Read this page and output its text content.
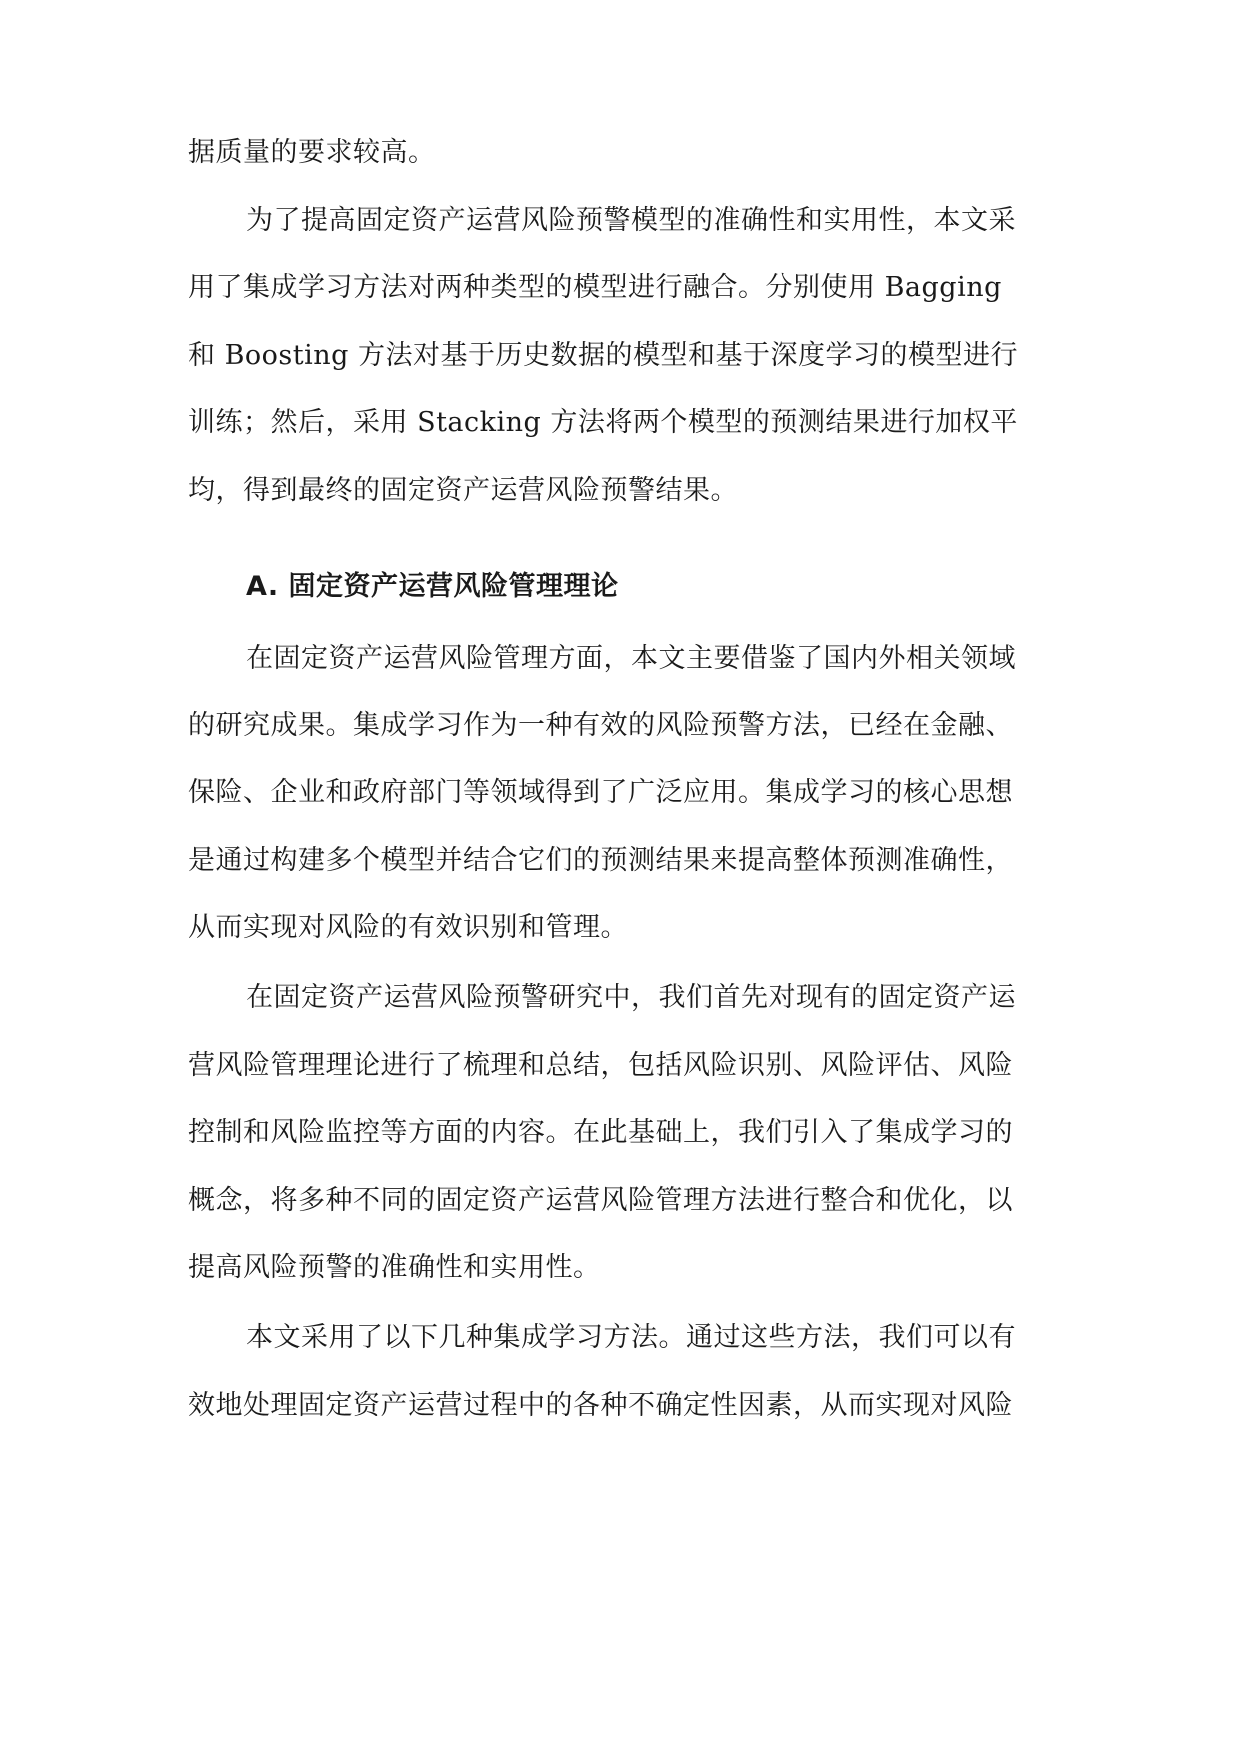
据质量的要求较高。
为了提高固定资产运营风险预警模型的准确性和实用性，本文采
用了集成学习方法对两种类型的模型进行融合。分别使用 Bagging
和 Boosting 方法对基于历史数据的模型和基于深度学习的模型进行
训练；然后，采用 Stacking 方法将两个模型的预测结果进行加权平
均，得到最终的固定资产运营风险预警结果。
A. 固定资产运营风险管理理论
在固定资产运营风险管理方面，本文主要借鉴了国内外相关领域
的研究成果。集成学习作为一种有效的风险预警方法，已经在金融、
保险、企业和政府部门等领域得到了广泛应用。集成学习的核心思想
是通过构建多个模型并结合它们的预测结果来提高整体预测准确性，
从而实现对风险的有效识别和管理。
在固定资产运营风险预警研究中，我们首先对现有的固定资产运
营风险管理理论进行了梳理和总结，包括风险识别、风险评估、风险
控制和风险监控等方面的内容。在此基础上，我们引入了集成学习的
概念，将多种不同的固定资产运营风险管理方法进行整合和优化，以
提高风险预警的准确性和实用性。
本文采用了以下几种集成学习方法。通过这些方法，我们可以有
效地处理固定资产运营过程中的各种不确定性因素，从而实现对风险
